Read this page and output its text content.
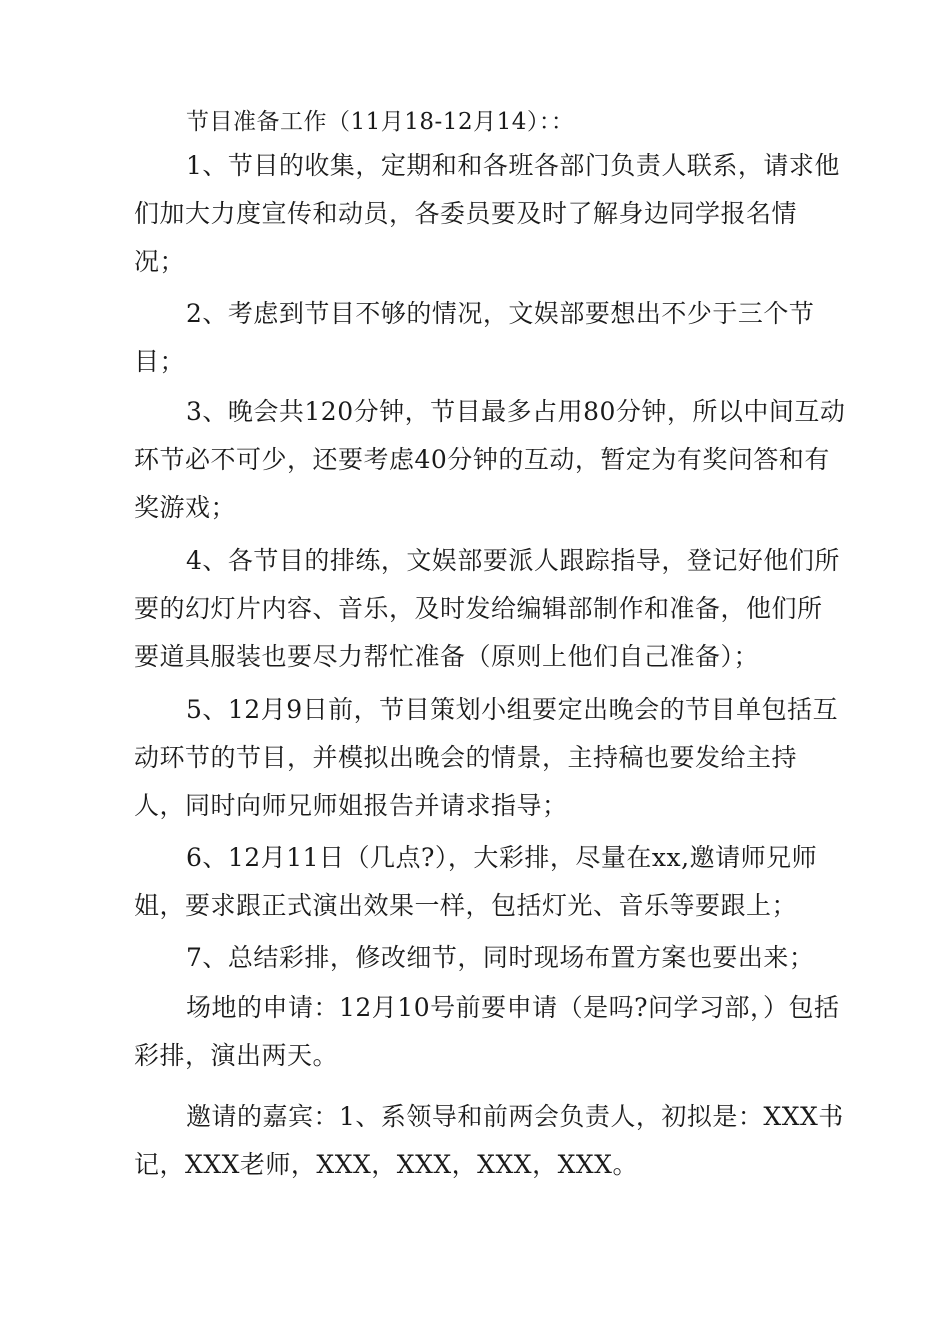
节目准备工作（11月18-12月14）：：

1、节目的收集，定期和和各班各部门负责人联系，请求他们加大力度宣传和动员，各委员要及时了解身边同学报名情况；

2、考虑到节目不够的情况，文娱部要想出不少于三个节目；

3、晚会共120分钟，节目最多占用80分钟，所以中间互动环节必不可少，还要考虑40分钟的互动，暂定为有奖问答和有奖游戏；

4、各节目的排练，文娱部要派人跟踪指导，登记好他们所要的幻灯片内容、音乐，及时发给编辑部制作和准备，他们所要道具服装也要尽力帮忙准备（原则上他们自己准备）；

5、12月9日前，节目策划小组要定出晚会的节目单包括互动环节的节目，并模拟出晚会的情景，主持稿也要发给主持人，同时向师兄师姐报告并请求指导；

6、12月11日（几点?），大彩排，尽量在xx,邀请师兄师姐，要求跟正式演出效果一样，包括灯光、音乐等要跟上；

7、总结彩排，修改细节，同时现场布置方案也要出来；

场地的申请：12月10号前要申请（是吗?问学习部，）包括彩排，演出两天。

邀请的嘉宾：1、系领导和前两会负责人，初拟是：XXX书记，XXX老师，XXX，XXX，XXX，XXX。
